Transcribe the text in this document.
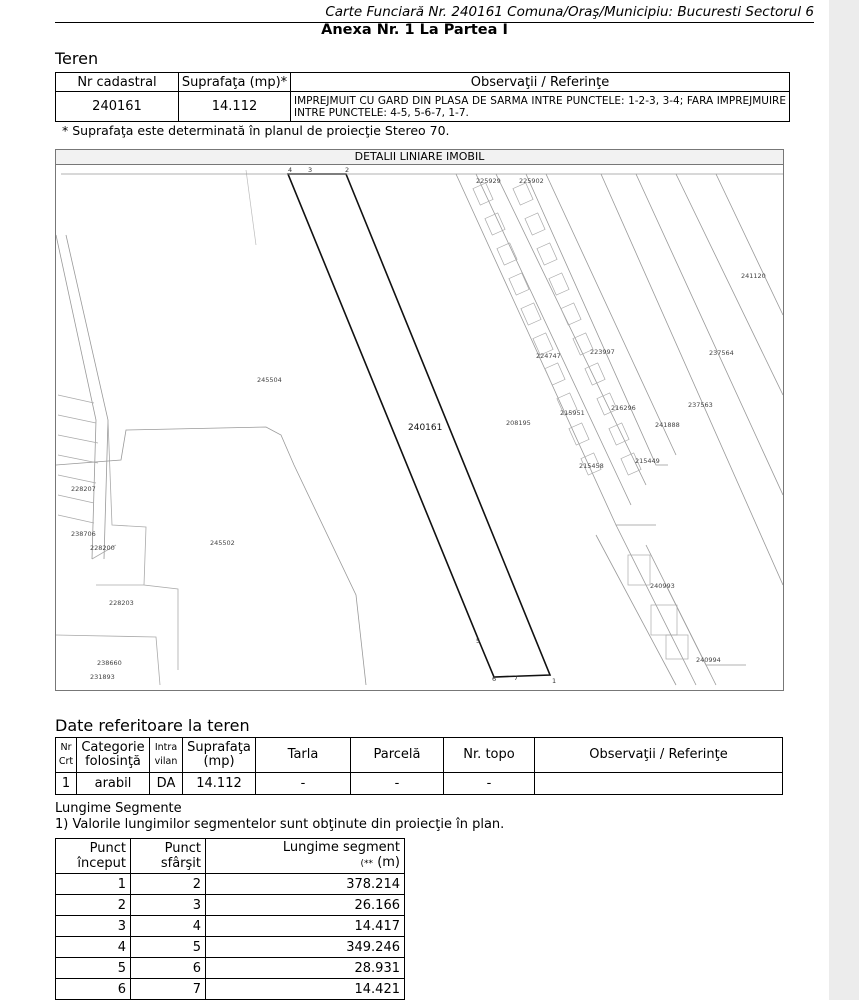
Carte Funciară Nr. 240161 Comuna/Oraş/Municipiu: Bucuresti Sectorul 6
Anexa Nr. 1 La Partea I
Teren
Nr cadastral	Suprafaţa (mp)*	Observaţii / Referinţe
240161	14.112	IMPREJMUIT CU GARD DIN PLASA DE SARMA INTRE PUNCTELE: 1-2-3, 3-4; FARA IMPREJMUIRE INTRE PUNCTELE: 4-5, 5-6-7, 1-7.
* Suprafaţa este determinată în planul de proiecţie Stereo 70.
DETALII LINIARE IMOBIL
4 3	2
5
6	7	1
240161
225929	225902
241120
237564
237563
224747	223997
245504
215951
216296
241888
208195
215458
215449
228207
238706
228200
245502
240993
228203
240994
238660
231893
Date referitoare la teren
Nr Crt	Categorie folosinţă	Intra vilan	Suprafaţa (mp)	Tarla	Parcelă	Nr. topo	Observaţii / Referinţe
1	arabil	DA	14.112	-	-	-	
Lungime Segmente
1) Valorile lungimilor segmentelor sunt obţinute din proiecţie în plan.
Punct început	Punct sfârşit	Lungime segment
(** (m)
1	2	378.214
2	3	26.166
3	4	14.417
4	5	349.246
5	6	28.931
6	7	14.421
